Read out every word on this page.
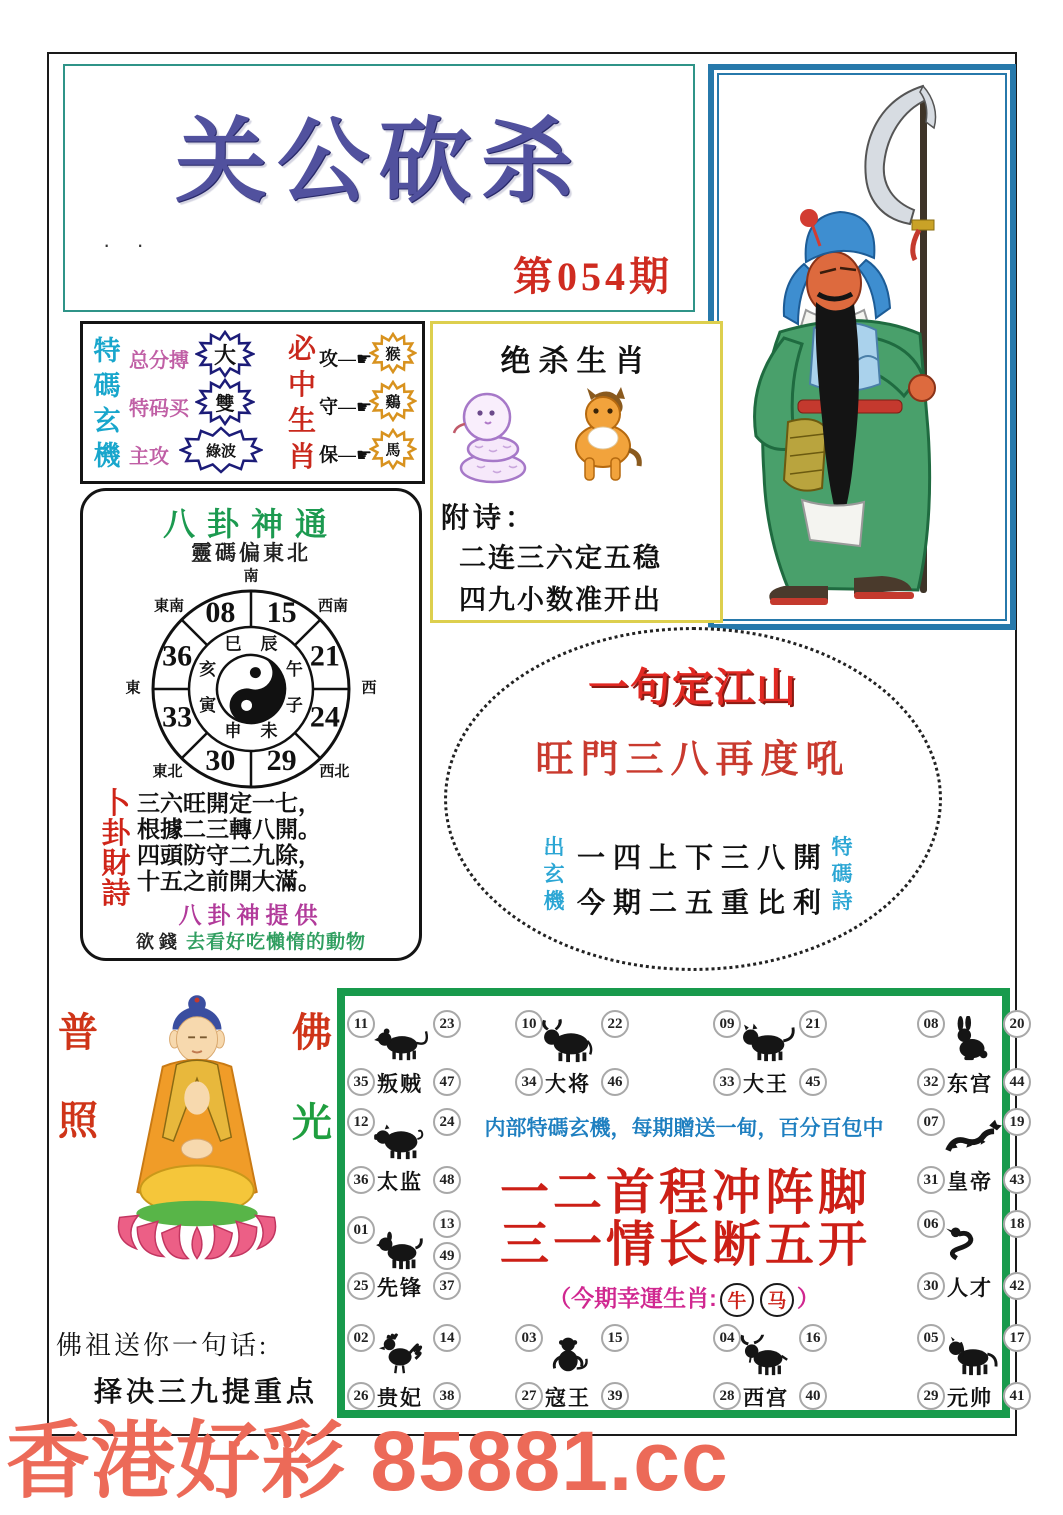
关公砍杀
· ·
第054期
特
碼
玄
機
总分搏	大
特码买	雙
主攻	綠波
必
中
生
肖
攻—☛ 猴
守—☛ 鷄
保—☛ 馬
绝杀生肖
附诗：
二连三六定五稳
四九小数准开出
八卦神通
靈碼偏東北
08 15
21
24
29
30
33
36 巳 辰
午
子
未
申
寅
亥
南
西南
西
西北
東北
東
東南
卜
卦
財
詩
三六旺開定一七，
根據二三轉八開。
四頭防守二九除，
十五之前開大滿。
八卦神提供
欲錢 去看好吃懶惰的動物
一句定江山
旺門三八再度吼
出
玄
機
一四上下三八開
今期二五重比利
特
碼
詩
普
照
佛
光
佛祖送你一句话:
择决三九提重点
内部特碼玄機，每期贈送一甸，百分百包中
一二首程冲阵脚
三一情长断五开
（今期幸運生肖: 牛 马 ）
11	23
35	47
叛贼
10	22
34	46
大将
09	21
33	45
大王
08	20
32	44
东宫
12	24
36	48
太监
07	19
31	43
皇帝
01	13
49
25	37
先锋
06	18
30	42
人才
02	14
26	38
贵妃
03	15
27	39
寇王
04	16
28	40
西宫
05	17
29	41
元帅
香港好彩 85881.cc
